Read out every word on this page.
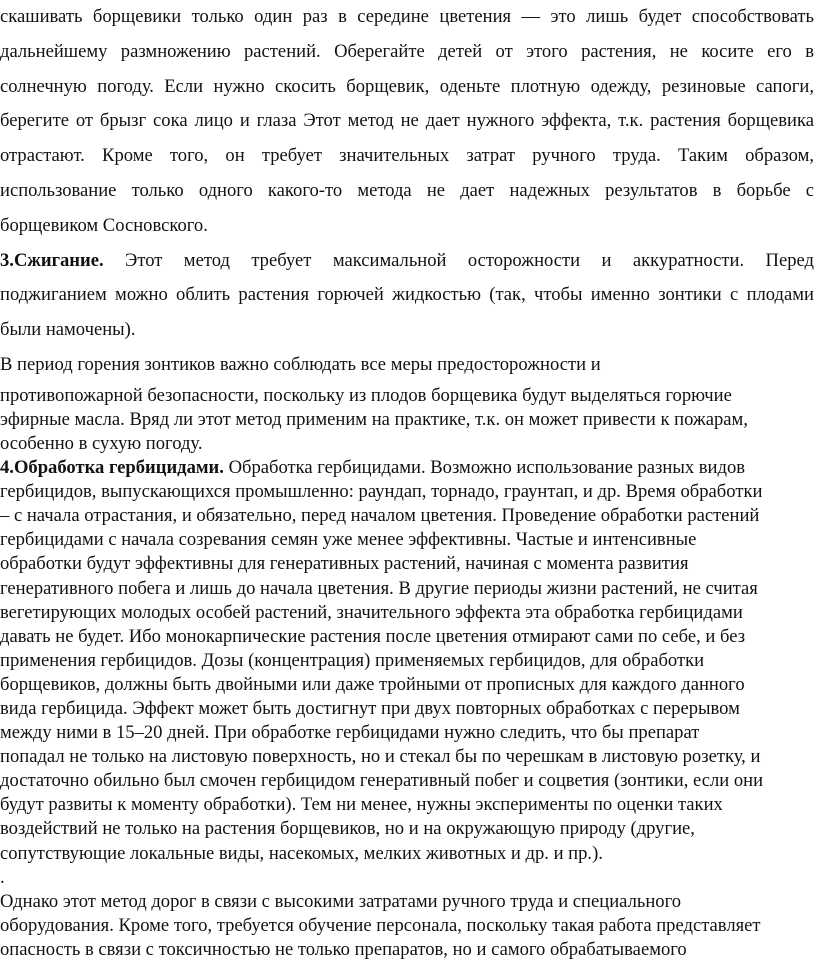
скашивать борщевики только один раз в середине цветения — это лишь будет способствовать
дальнейшему размножению растений. Оберегайте детей от этого растения, не косите его в
солнечную погоду. Если нужно скосить борщевик, оденьте плотную одежду, резиновые сапоги,
берегите от брызг сока лицо и глаза Этот метод не дает нужного эффекта, т.к. растения борщевика
отрастают. Кроме того, он требует значительных затрат ручного труда. Таким образом,
использование только одного какого-то метода не дает надежных результатов в борьбе с
борщевиком Сосновского.

3.Сжигание. Этот метод требует максимальной осторожности и аккуратности. Перед
поджиганием можно облить растения горючей жидкостью (так, чтобы именно зонтики с плодами
были намочены).

В период горения зонтиков важно соблюдать все меры предосторожности и

противопожарной безопасности, поскольку из плодов борщевика будут выделяться горючие
эфирные масла. Вряд ли этот метод применим на практике, т.к. он может привести к пожарам,
особенно в сухую погоду.

4.Обработка гербицидами. Обработка гербицидами. Возможно использование разных видов
гербицидов, выпускающихся промышленно: раундап, торнадо, граунтап, и др. Время обработки
– с начала отрастания, и обязательно, перед началом цветения. Проведение обработки растений
гербицидами с начала созревания семян уже менее эффективны. Частые и интенсивные
обработки будут эффективны для генеративных растений, начиная с момента развития
генеративного побега и лишь до начала цветения. В другие периоды жизни растений, не считая
вегетирующих молодых особей растений, значительного эффекта эта обработка гербицидами
давать не будет. Ибо монокарпические растения после цветения отмирают сами по себе, и без
применения гербицидов. Дозы (концентрация) применяемых гербицидов, для обработки
борщевиков, должны быть двойными или даже тройными от прописных для каждого данного
вида гербицида. Эффект может быть достигнут при двух повторных обработках с перерывом
между ними в 15–20 дней. При обработке гербицидами нужно следить, что бы препарат
попадал не только на листовую поверхность, но и стекал бы по черешкам в листовую розетку, и
достаточно обильно был смочен гербицидом генеративный побег и соцветия (зонтики, если они
будут развиты к моменту обработки). Тем ни менее, нужны эксперименты по оценки таких
воздействий не только на растения борщевиков, но и на окружающую природу (другие,
сопутствующие локальные виды, насекомых, мелких животных и др. и пр.).

.

Однако этот метод дорог в связи с высокими затратами ручного труда и специального
оборудования. Кроме того, требуется обучение персонала, поскольку такая работа представляет
опасность в связи с токсичностью не только препаратов, но и самого обрабатываемого
